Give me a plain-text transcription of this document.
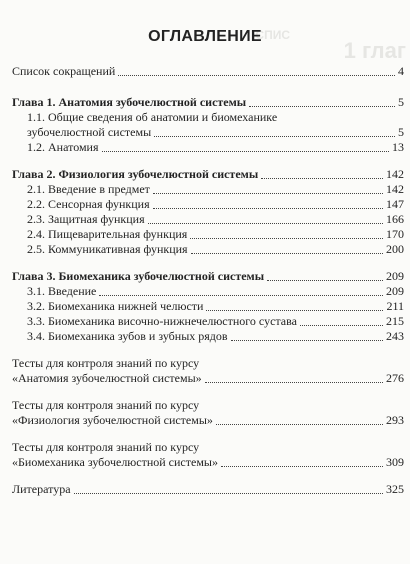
1 глаг
СПИС
ОГЛАВЛЕНИЕ
Список сокращений	4
Глава 1. Анатомия зубочелюстной системы	5
1.1. Общие сведения об анатомии и биомеханике
зубочелюстной системы	5
1.2. Анатомия	13
Глава 2. Физиология зубочелюстной системы	142
2.1. Введение в предмет	142
2.2. Сенсорная функция	147
2.3. Защитная функция	166
2.4. Пищеварительная функция	170
2.5. Коммуникативная функция	200
Глава 3. Биомеханика зубочелюстной системы	209
3.1. Введение	209
3.2. Биомеханика нижней челюсти	211
3.3. Биомеханика височно-нижнечелюстного сустава	215
3.4. Биомеханика зубов и зубных рядов	243
Тесты для контроля знаний по курсу
«Анатомия зубочелюстной системы»	276
Тесты для контроля знаний по курсу
«Физиология зубочелюстной системы»	293
Тесты для контроля знаний по курсу
«Биомеханика зубочелюстной системы»	309
Литература	325
